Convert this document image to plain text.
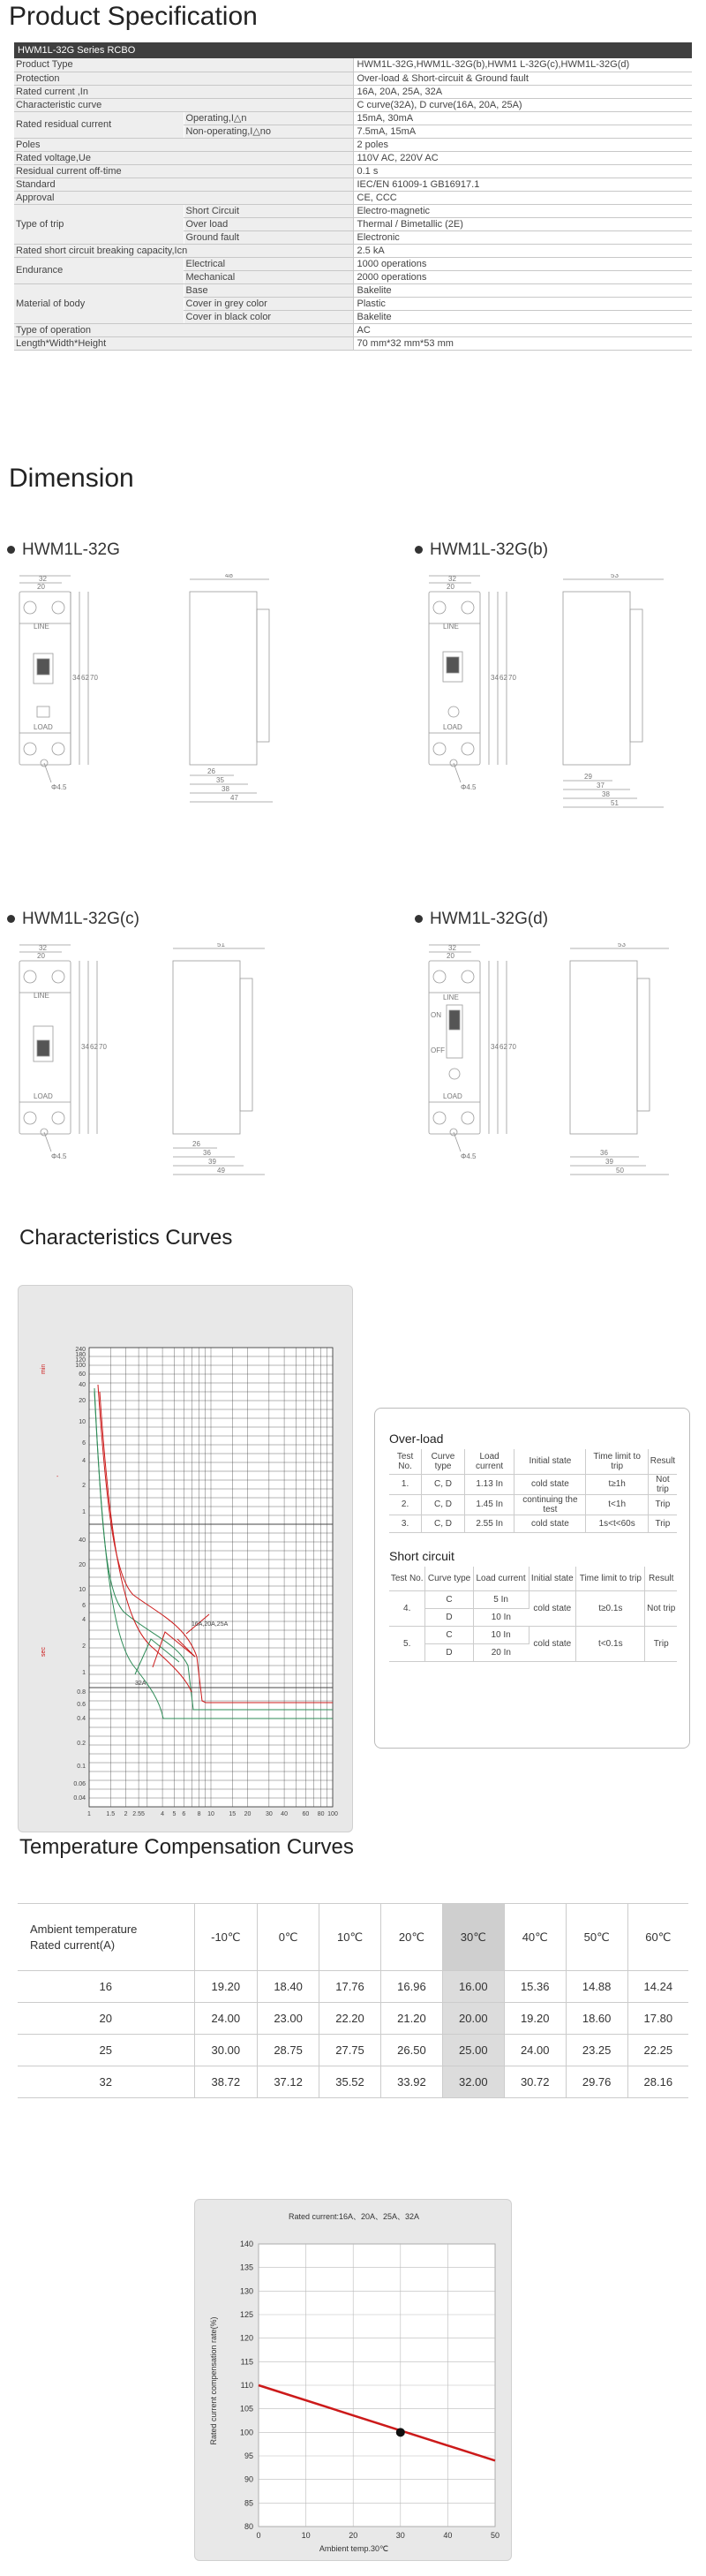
Product Specification
HWM1L-32G Series RCBO
Product Type		HWM1L-32G,HWM1L-32G(b),HWM1 L-32G(c),HWM1L-32G(d)
Protection		Over-load & Short-circuit & Ground fault
Rated current ,In		16A, 20A, 25A, 32A
Characteristic curve		C curve(32A), D curve(16A, 20A, 25A)
Rated residual current	Operating,I△n	15mA, 30mA
	Non-operating,I△no	7.5mA, 15mA
Poles		2 poles
Rated voltage,Ue		110V AC, 220V AC
Residual current off-time		0.1 s
Standard		IEC/EN 61009-1 GB16917.1
Approval		CE, CCC
Type of trip	Short Circuit	Electro-magnetic
	Over load	Thermal / Bimetallic (2E)
	Ground fault	Electronic
Rated short circuit breaking capacity,Icn		2.5 kA
Endurance	Electrical	1000 operations
	Mechanical	2000 operations
Material of body	Base	Bakelite
	Cover in grey color	Plastic
	Cover in black color	Bakelite
Type of operation		AC
Length*Width*Height		70 mm*32 mm*53 mm
Dimension
HWM1L-32G	HWM1L-32G(b)
HWM1L-32G(c)	HWM1L-32G(d)
32
20
LINE
LOAD
Φ4.5
34 62 70
48
26
35
38
47
32
20
LINE
LOAD
Φ4.5
34 62 70
53
29
37
38
51
32
20
LINE
LOAD
Φ4.5
34 62 70
51
26
36
39
49
32
20
LINE
ON
OFF
LOAD
Φ4.5
34 62 70
53
36
39
50
Characteristics Curves
240
180
120
100
60
40
20
10
6
4
2
1
40
20
10
6
4
2
1
0.8
0.6
0.4
0.2
0.1
0.06
0.04
1 1.5 2 2.55	4 5 6 8 10 15 20 30 40 60 80 100
min
sec
-
16A,20A,25A
32A
Over-load
Test No.	Curve type	Load current	Initial state	Time limit to trip	Result
1.	C, D	1.13 In	cold state	t≥1h	Not trip
2.	C, D	1.45 In	continuing the test	t<1h	Trip
3.	C, D	2.55 In	cold state	1s<t<60s	Trip
Short circuit
Test No.	Curve type	Load current	Initial state	Time limit to trip	Result
4.	C	5 In	cold state	t≥0.1s	Not trip
	D	10 In			
5.	C	10 In	cold state	t<0.1s	Trip
	D	20 In			
Temperature Compensation Curves
Ambient temperature
Rated current(A)	-10℃	0℃	10℃	20℃	30℃	40℃	50℃	60℃
16	19.20	18.40	17.76	16.96	16.00	15.36	14.88	14.24
20	24.00	23.00	22.20	21.20	20.00	19.20	18.60	17.80
25	30.00	28.75	27.75	26.50	25.00	24.00	23.25	22.25
32	38.72	37.12	35.52	33.92	32.00	30.72	29.76	28.16
Rated current:16A、20A、25A、32A
Ambient temp.30℃
Rated current compensation rate(%)
0	10	20	30	40	50
80
85
90
95
100
105
110
115
120
125
130
135
140
